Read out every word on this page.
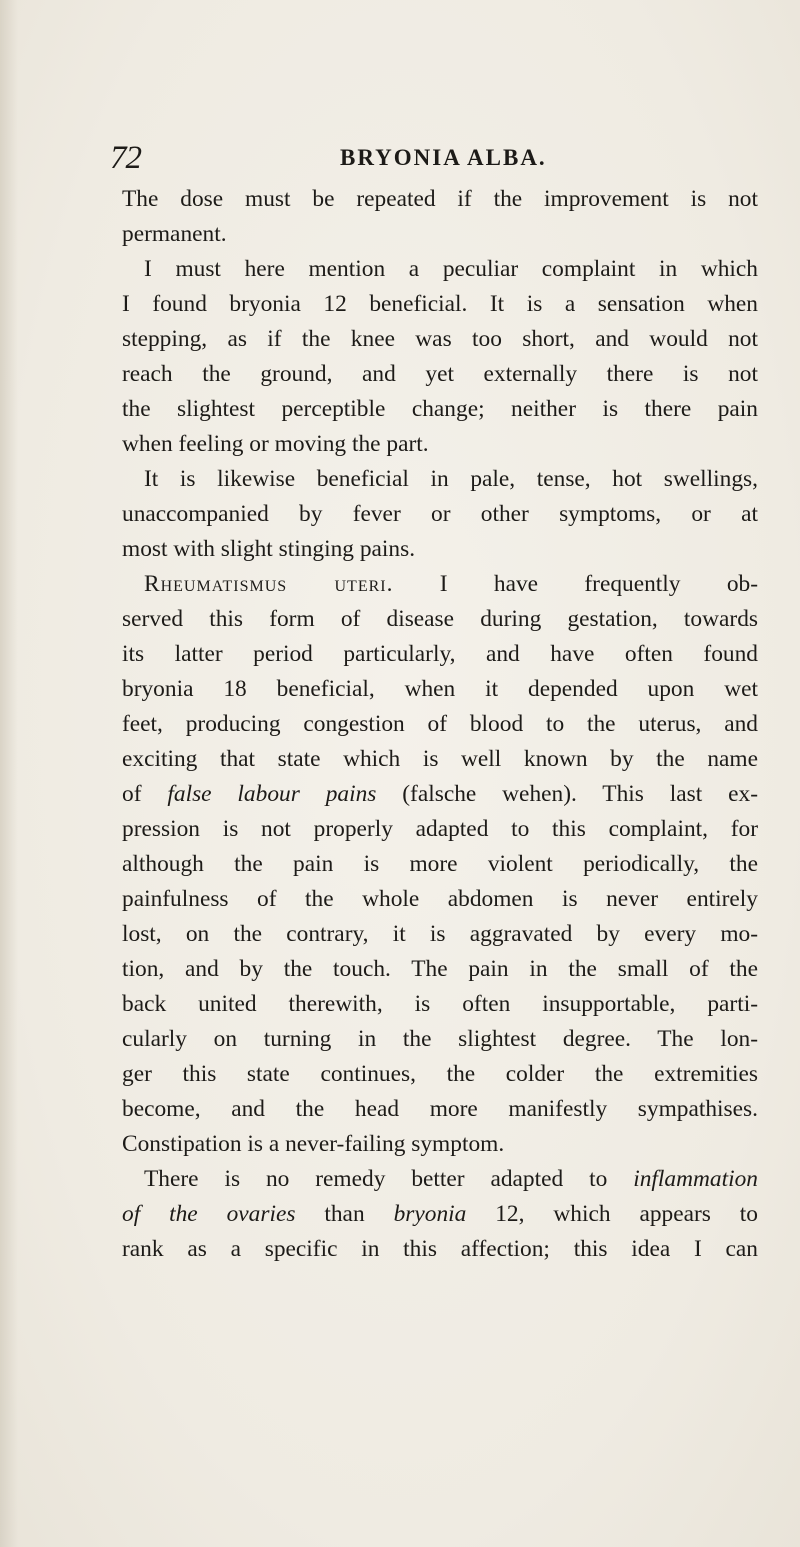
72	BRYONIA ALBA.
The dose must be repeated if the improvement is not
permanent.
I must here mention a peculiar complaint in which
I found bryonia 12 beneficial. It is a sensation when
stepping, as if the knee was too short, and would not
reach the ground, and yet externally there is not
the slightest perceptible change; neither is there pain
when feeling or moving the part.
It is likewise beneficial in pale, tense, hot swellings,
unaccompanied by fever or other symptoms, or at
most with slight stinging pains.
Rheumatismus uteri. I have frequently ob-
served this form of disease during gestation, towards
its latter period particularly, and have often found
bryonia 18 beneficial, when it depended upon wet
feet, producing congestion of blood to the uterus, and
exciting that state which is well known by the name
of false labour pains (falsche wehen). This last ex-
pression is not properly adapted to this complaint, for
although the pain is more violent periodically, the
painfulness of the whole abdomen is never entirely
lost, on the contrary, it is aggravated by every mo-
tion, and by the touch. The pain in the small of the
back united therewith, is often insupportable, parti-
cularly on turning in the slightest degree. The lon-
ger this state continues, the colder the extremities
become, and the head more manifestly sympathises.
Constipation is a never-failing symptom.
There is no remedy better adapted to inflammation
of the ovaries than bryonia 12, which appears to
rank as a specific in this affection; this idea I can
